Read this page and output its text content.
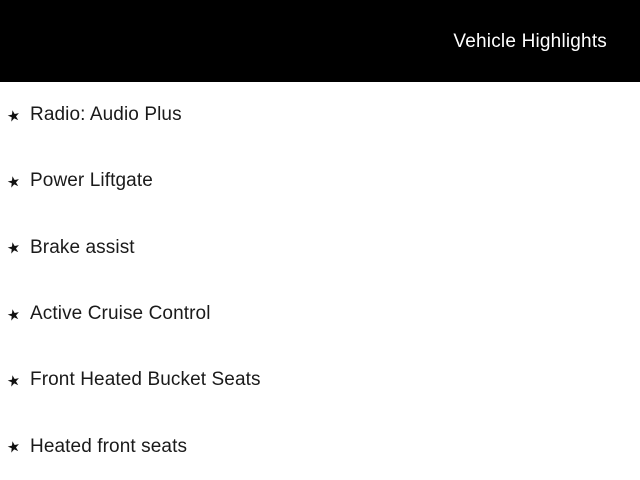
Vehicle Highlights
★ Radio: Audio Plus
★ Power Liftgate
★ Brake assist
★ Active Cruise Control
★ Front Heated Bucket Seats
★ Heated front seats
